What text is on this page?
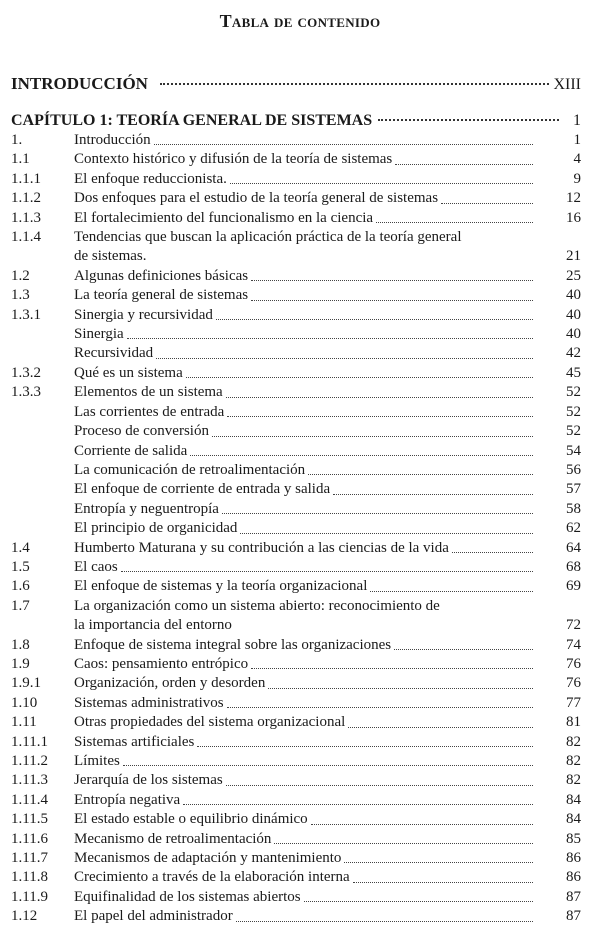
Tabla de contenido
INTRODUCCIÓN	XIII
CAPÍTULO 1: TEORÍA GENERAL DE SISTEMAS	1
1.	Introducción	1
1.1	Contexto histórico y difusión de la teoría de sistemas	4
1.1.1	El enfoque reduccionista.	9
1.1.2	Dos enfoques para el estudio de la teoría general de sistemas	12
1.1.3	El fortalecimiento del funcionalismo en la ciencia	16
1.1.4	Tendencias que buscan la aplicación práctica de la teoría general
de sistemas.	21
1.2	Algunas definiciones básicas	25
1.3	La teoría general de sistemas	40
1.3.1	Sinergia y recursividad	40
Sinergia	40
Recursividad	42
1.3.2	Qué es un sistema	45
1.3.3	Elementos de un sistema	52
Las corrientes de entrada	52
Proceso de conversión	52
Corriente de salida	54
La comunicación de retroalimentación	56
El enfoque de corriente de entrada y salida	57
Entropía y neguentropía	58
El principio de organicidad	62
1.4	Humberto Maturana y su contribución a las ciencias de la vida	64
1.5	El caos	68
1.6	El enfoque de sistemas y la teoría organizacional	69
1.7	La organización como un sistema abierto: reconocimiento de
la importancia del entorno	72
1.8	Enfoque de sistema integral sobre las organizaciones	74
1.9	Caos: pensamiento entrópico	76
1.9.1	Organización, orden y desorden	76
1.10	Sistemas administrativos	77
1.11	Otras propiedades del sistema organizacional	81
1.11.1	Sistemas artificiales	82
1.11.2	Límites	82
1.11.3	Jerarquía de los sistemas	82
1.11.4	Entropía negativa	84
1.11.5	El estado estable o equilibrio dinámico	84
1.11.6	Mecanismo de retroalimentación	85
1.11.7	Mecanismos de adaptación y mantenimiento	86
1.11.8	Crecimiento a través de la elaboración interna	86
1.11.9	Equifinalidad de los sistemas abiertos	87
1.12	El papel del administrador	87
